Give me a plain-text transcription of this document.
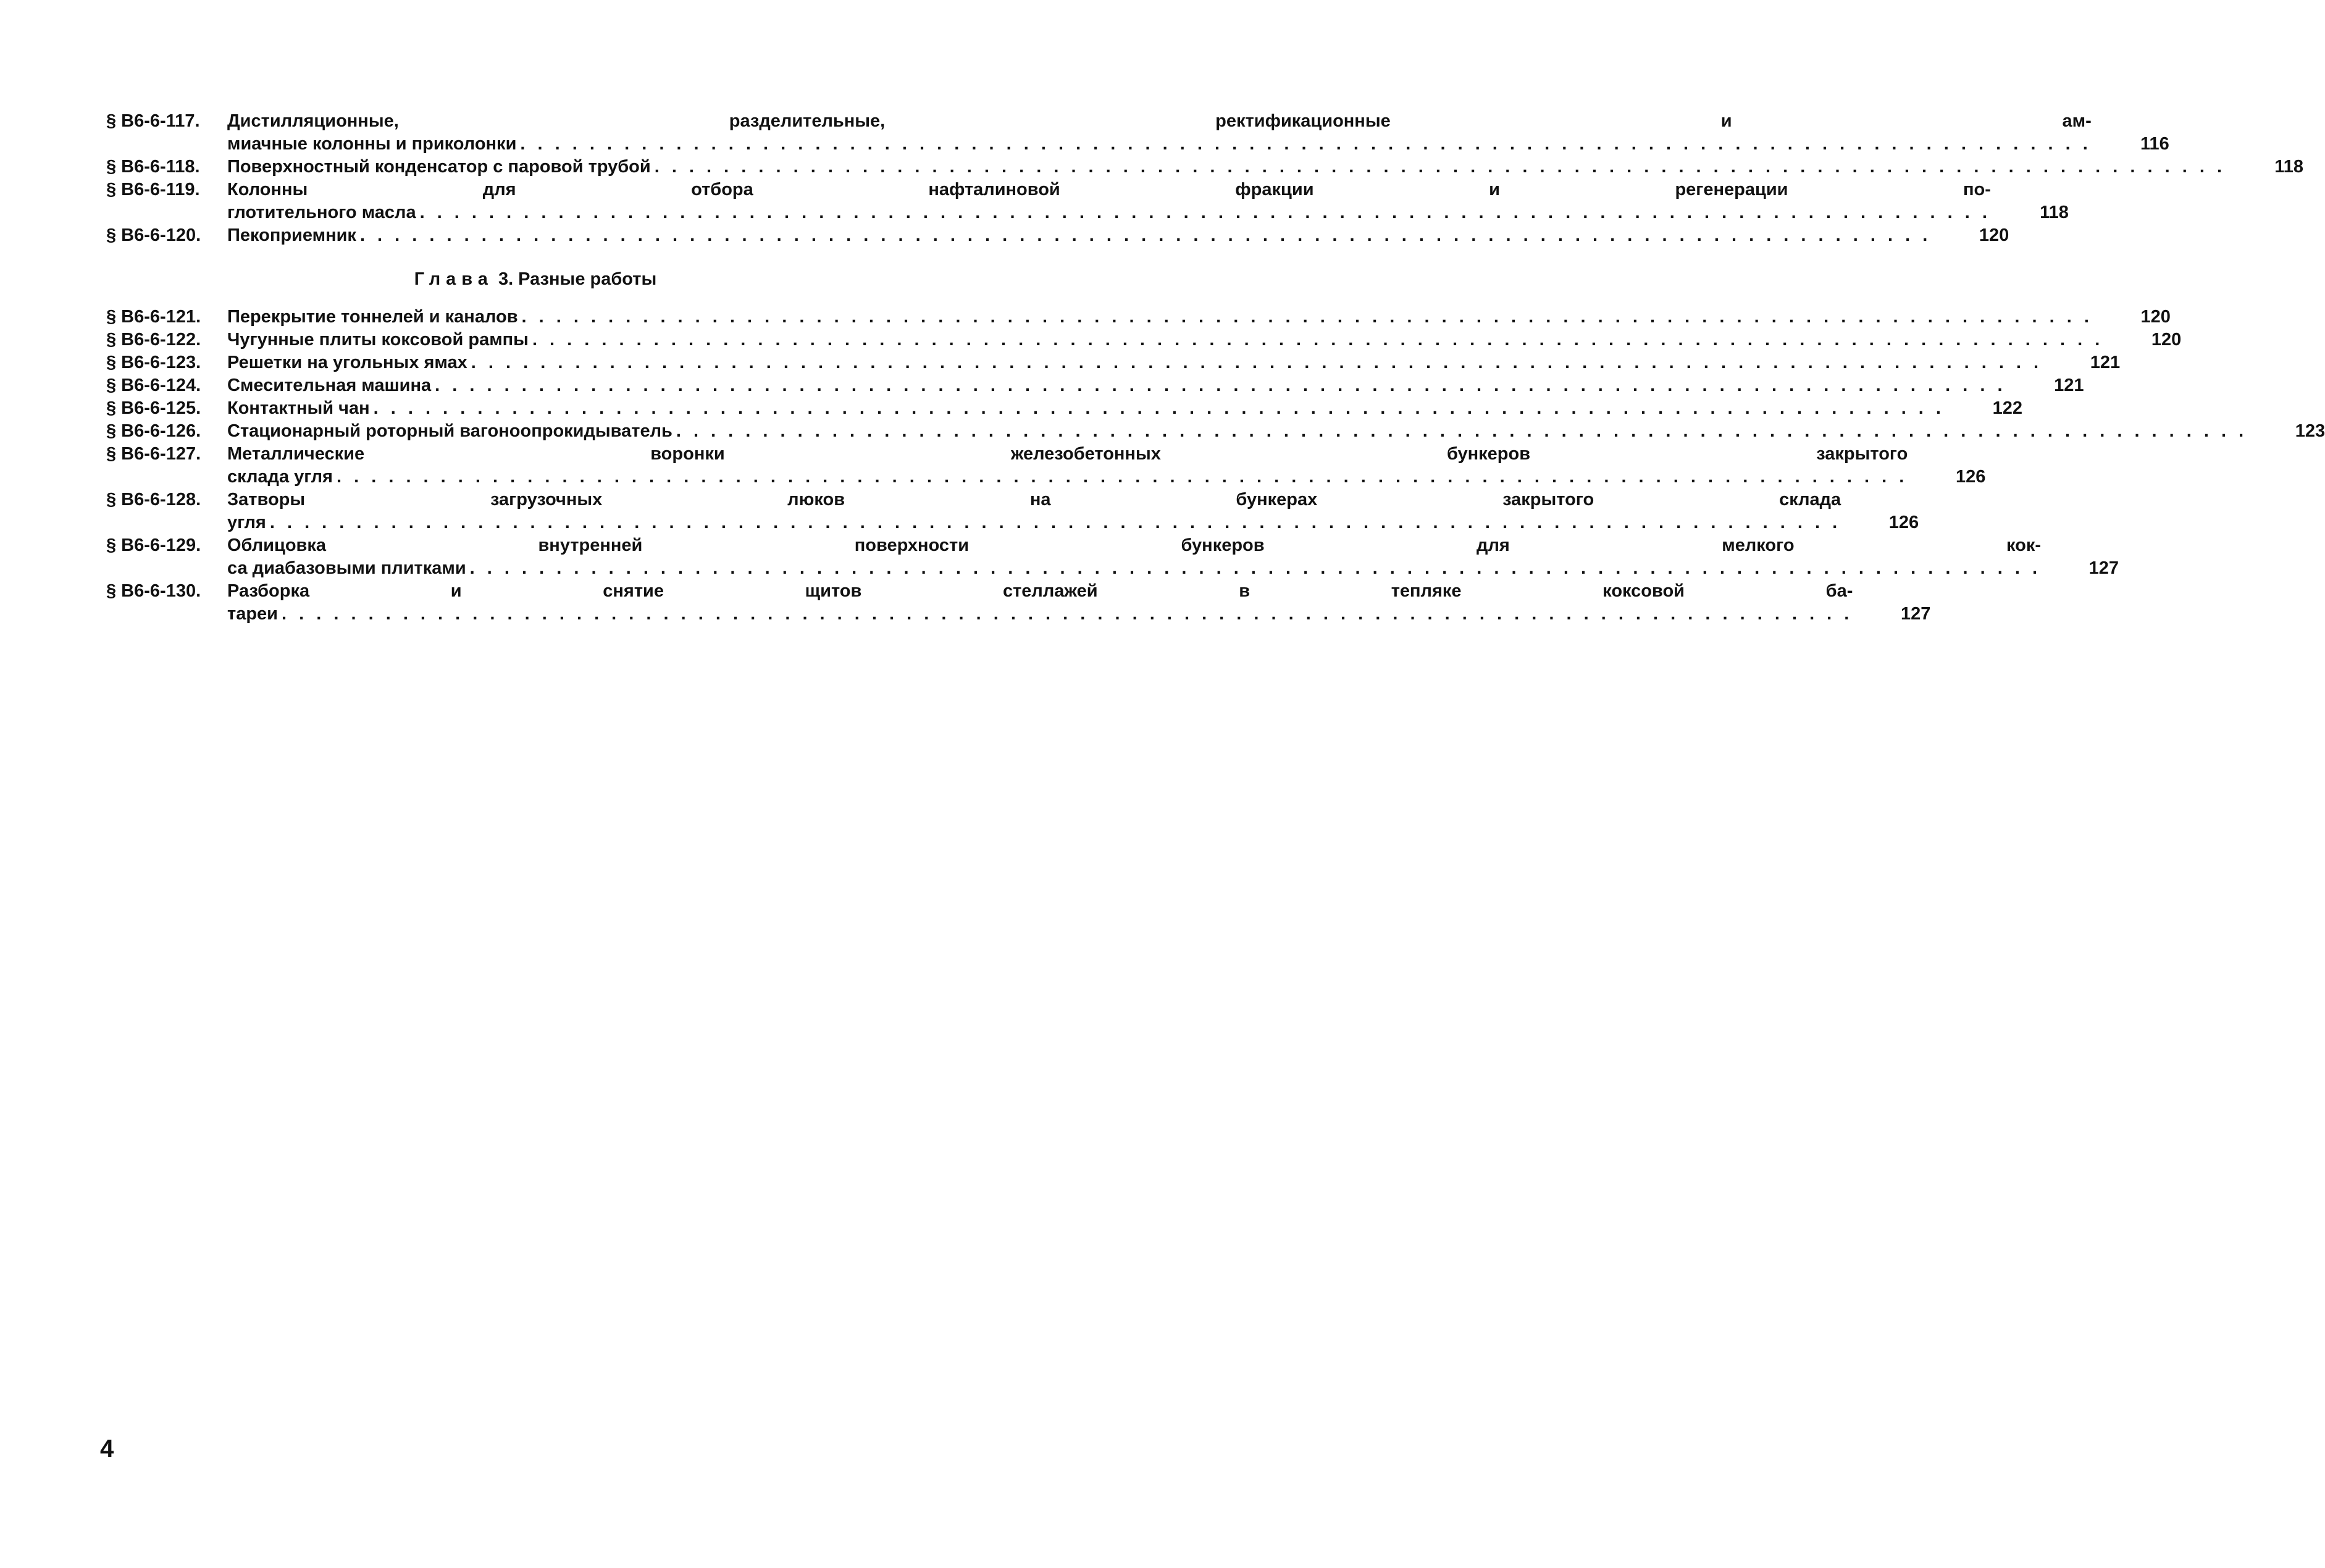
§ В6-6-117.	Дистилляционные, разделительные, ректификационные и ам-
миачные колонны и приколонки . . .	116
§ В6-6-118.	Поверхностный конденсатор с паровой трубой . . .	118
§ В6-6-119.	Колонны для отбора нафталиновой фракции и регенерации по-
глотительного масла . . .	118
§ В6-6-120.	Пекоприемник . . .	120
Глава 3. Разные работы
§ В6-6-121.	Перекрытие тоннелей и каналов . . .	120
§ В6-6-122.	Чугунные плиты коксовой рампы . . .	120
§ В6-6-123.	Решетки на угольных ямах . . .	121
§ В6-6-124.	Смесительная машина . . .	121
§ В6-6-125.	Контактный чан . . .	122
§ В6-6-126.	Стационарный роторный вагоноопрокидыватель . . .	123
§ В6-6-127.	Металлические воронки железобетонных бункеров закрытого
склада угля . . .	126
§ В6-6-128.	Затворы загрузочных люков на бункерах закрытого склада
угля . . .	126
§ В6-6-129.	Облицовка внутренней поверхности бункеров для мелкого кок-
са диабазовыми плитками . . .	127
§ В6-6-130.	Разборка и снятие щитов стеллажей в тепляке коксовой ба-
тареи . . .	127
4
